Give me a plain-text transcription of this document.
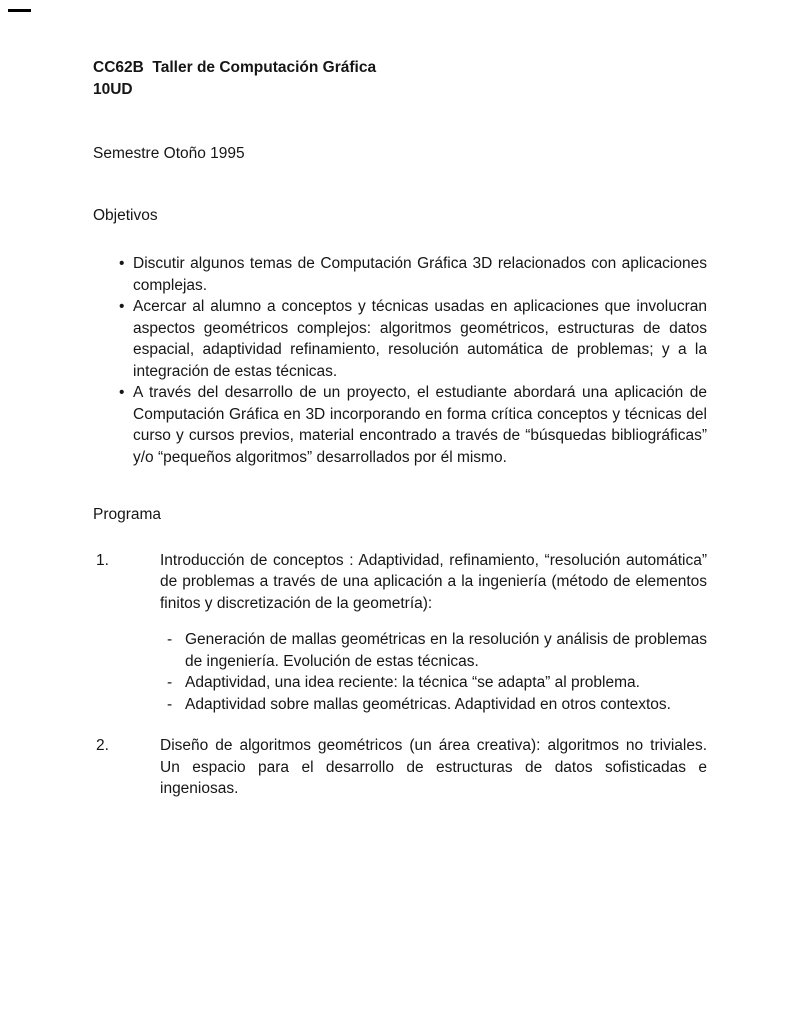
CC62B  Taller de Computación Gráfica
10UD
Semestre Otoño 1995
Objetivos
• Discutir algunos temas de Computación Gráfica 3D relacionados con aplicaciones complejas.
• Acercar al alumno a conceptos y técnicas usadas en aplicaciones que involucran aspectos geométricos complejos: algoritmos geométricos, estructuras de datos espacial, adaptividad refinamiento, resolución automática de problemas; y a la integración de estas técnicas.
• A través del desarrollo de un proyecto, el estudiante abordará una aplicación de Computación Gráfica en 3D incorporando en forma crítica conceptos y técnicas del curso y cursos previos, material encontrado a través de “búsquedas bibliográficas” y/o “pequeños algoritmos” desarrollados por él mismo.
Programa
1.	Introducción de conceptos : Adaptividad, refinamiento, “resolución automática” de problemas a través de una aplicación a la ingeniería (método de elementos finitos y discretización de la geometría):
- Generación de mallas geométricas en la resolución y análisis de problemas de ingeniería. Evolución de estas técnicas.
- Adaptividad, una idea reciente: la técnica “se adapta” al problema.
- Adaptividad sobre mallas geométricas. Adaptividad en otros contextos.
2.	Diseño de algoritmos geométricos (un área creativa): algoritmos no triviales. Un espacio para el desarrollo de estructuras de datos sofisticadas e ingeniosas.
